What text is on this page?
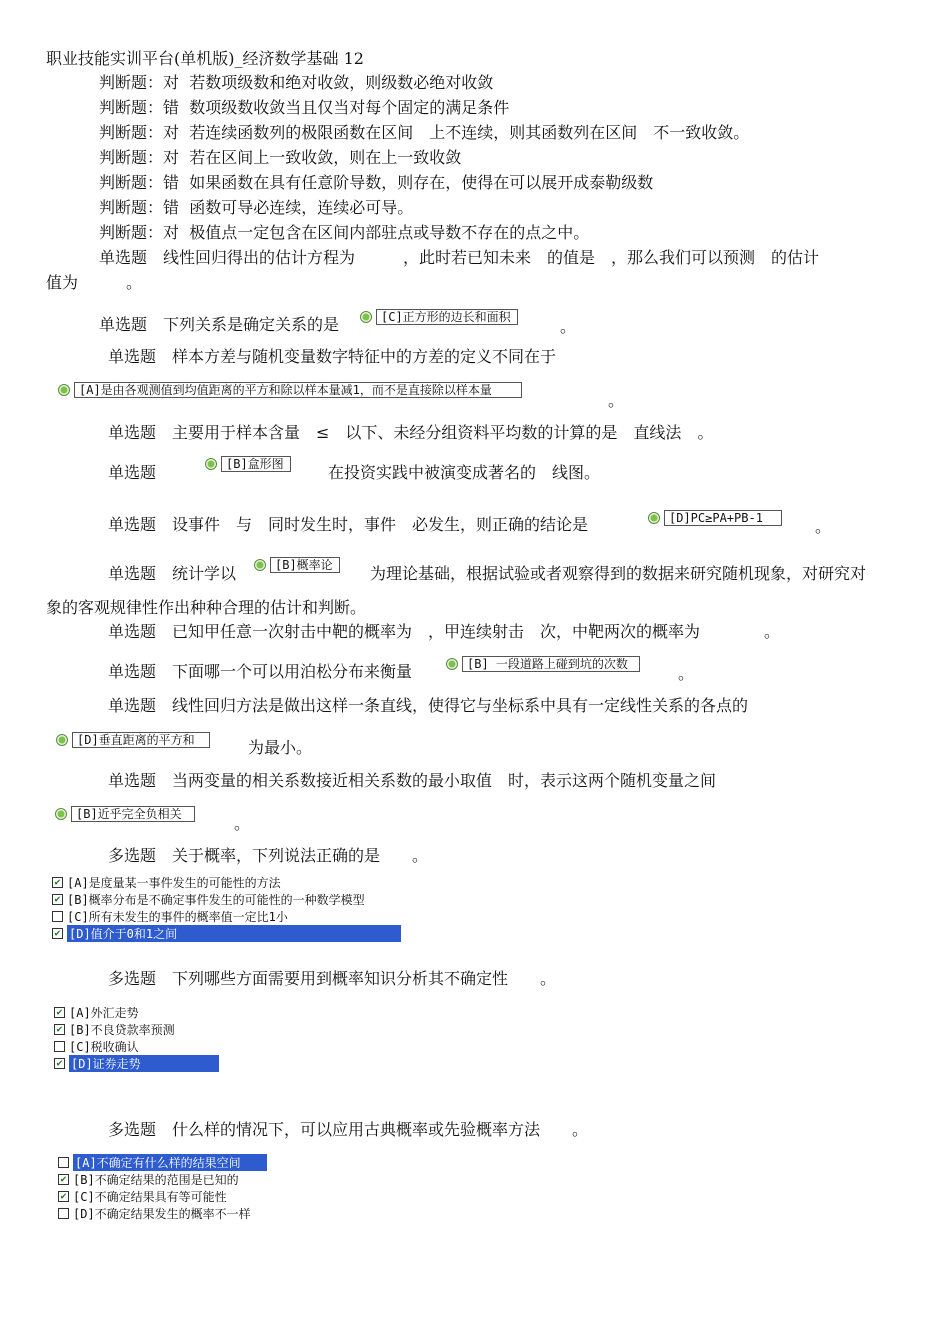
职业技能实训平台(单机版)_经济数学基础 12
判断题：对 若数项级数和绝对收敛，则级数必绝对收敛
判断题：错 数项级数收敛当且仅当对每个固定的满足条件
判断题：对 若连续函数列的极限函数在区间　上不连续，则其函数列在区间　不一致收敛。
判断题：对 若在区间上一致收敛，则在上一致收敛
判断题：错 如果函数在具有任意阶导数，则存在，使得在可以展开成泰勒级数
判断题：错 函数可导必连续，连续必可导。
判断题：对 极值点一定包含在区间内部驻点或导数不存在的点之中。
单选题　线性回归得出的估计方程为　　　，此时若已知未来　的值是　，那么我们可以预测　的估计
值为　　　。
单选题　下列关系是确定关系的是	[C]正方形的边长和面积	。
单选题　样本方差与随机变量数字特征中的方差的定义不同在于
[A]是由各观测值到均值距离的平方和除以样本量减1，而不是直接除以样本量
。
单选题　主要用于样本含量　≤　以下、未经分组资料平均数的计算的是　直线法　。
单选题	[B]盒形图	在投资实践中被演变成著名的　线图。
单选题　设事件　与　同时发生时，事件　必发生，则正确的结论是	[D]PC≥PA+PB-1	。
单选题　统计学以	[B]概率论	为理论基础，根据试验或者观察得到的数据来研究随机现象，对研究对
象的客观规律性作出种种合理的估计和判断。
单选题　已知甲任意一次射击中靶的概率为　，甲连续射击　次，中靶两次的概率为　　　　。
单选题　下面哪一个可以用泊松分布来衡量	[B] 一段道路上碰到坑的次数	。
单选题　线性回归方法是做出这样一条直线，使得它与坐标系中具有一定线性关系的各点的
[D]垂直距离的平方和	为最小。
单选题　当两变量的相关系数接近相关系数的最小取值　时，表示这两个随机变量之间
[B]近乎完全负相关	。
多选题　关于概率，下列说法正确的是　　。
✔ [A]是度量某一事件发生的可能性的方法
✔ [B]概率分布是不确定事件发生的可能性的一种数学模型
[C]所有未发生的事件的概率值一定比1小
✔ [D]值介于0和1之间
多选题　下列哪些方面需要用到概率知识分析其不确定性　　。
✔ [A]外汇走势
✔ [B]不良贷款率预测
[C]税收确认
✔ [D]证券走势
多选题　什么样的情况下，可以应用古典概率或先验概率方法　　。
[A]不确定有什么样的结果空间
✔ [B]不确定结果的范围是已知的
✔ [C]不确定结果具有等可能性
[D]不确定结果发生的概率不一样
